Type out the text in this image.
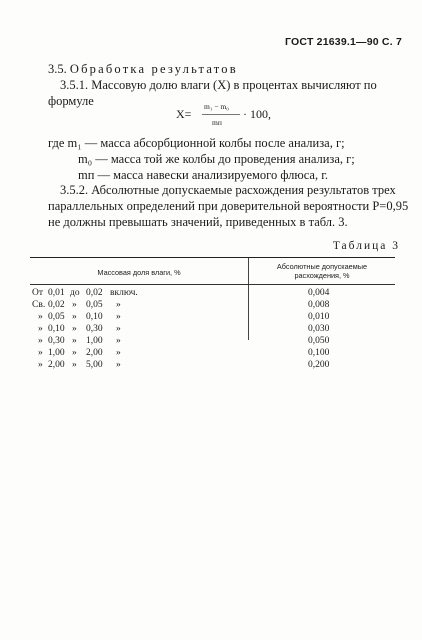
ГОСТ 21639.1—90 С. 7
3.5. Обработка результатов
3.5.1. Массовую долю влаги (X) в процентах вычисляют по
формуле
X=
m₁ − m₀
mп
· 100,
где m₁ — масса абсорбционной колбы после анализа, г;
m₀ — масса той же колбы до проведения анализа, г;
mп — масса навески анализируемого флюса, г.
3.5.2. Абсолютные допускаемые расхождения результатов трех
параллельных определений при доверительной вероятности P=0,95
не должны превышать значений, приведенных в табл. 3.
Таблица 3
Массовая доля влаги, %
Абсолютные допускаемые
расхождения, %
От 0,01 до 0,02 включ.	0,004
Св. 0,02 » 0,05 »	0,008
» 0,05 » 0,10 »	0,010
» 0,10 » 0,30 »	0,030
» 0,30 » 1,00 »	0,050
» 1,00 » 2,00 »	0,100
» 2,00 » 5,00 »	0,200
